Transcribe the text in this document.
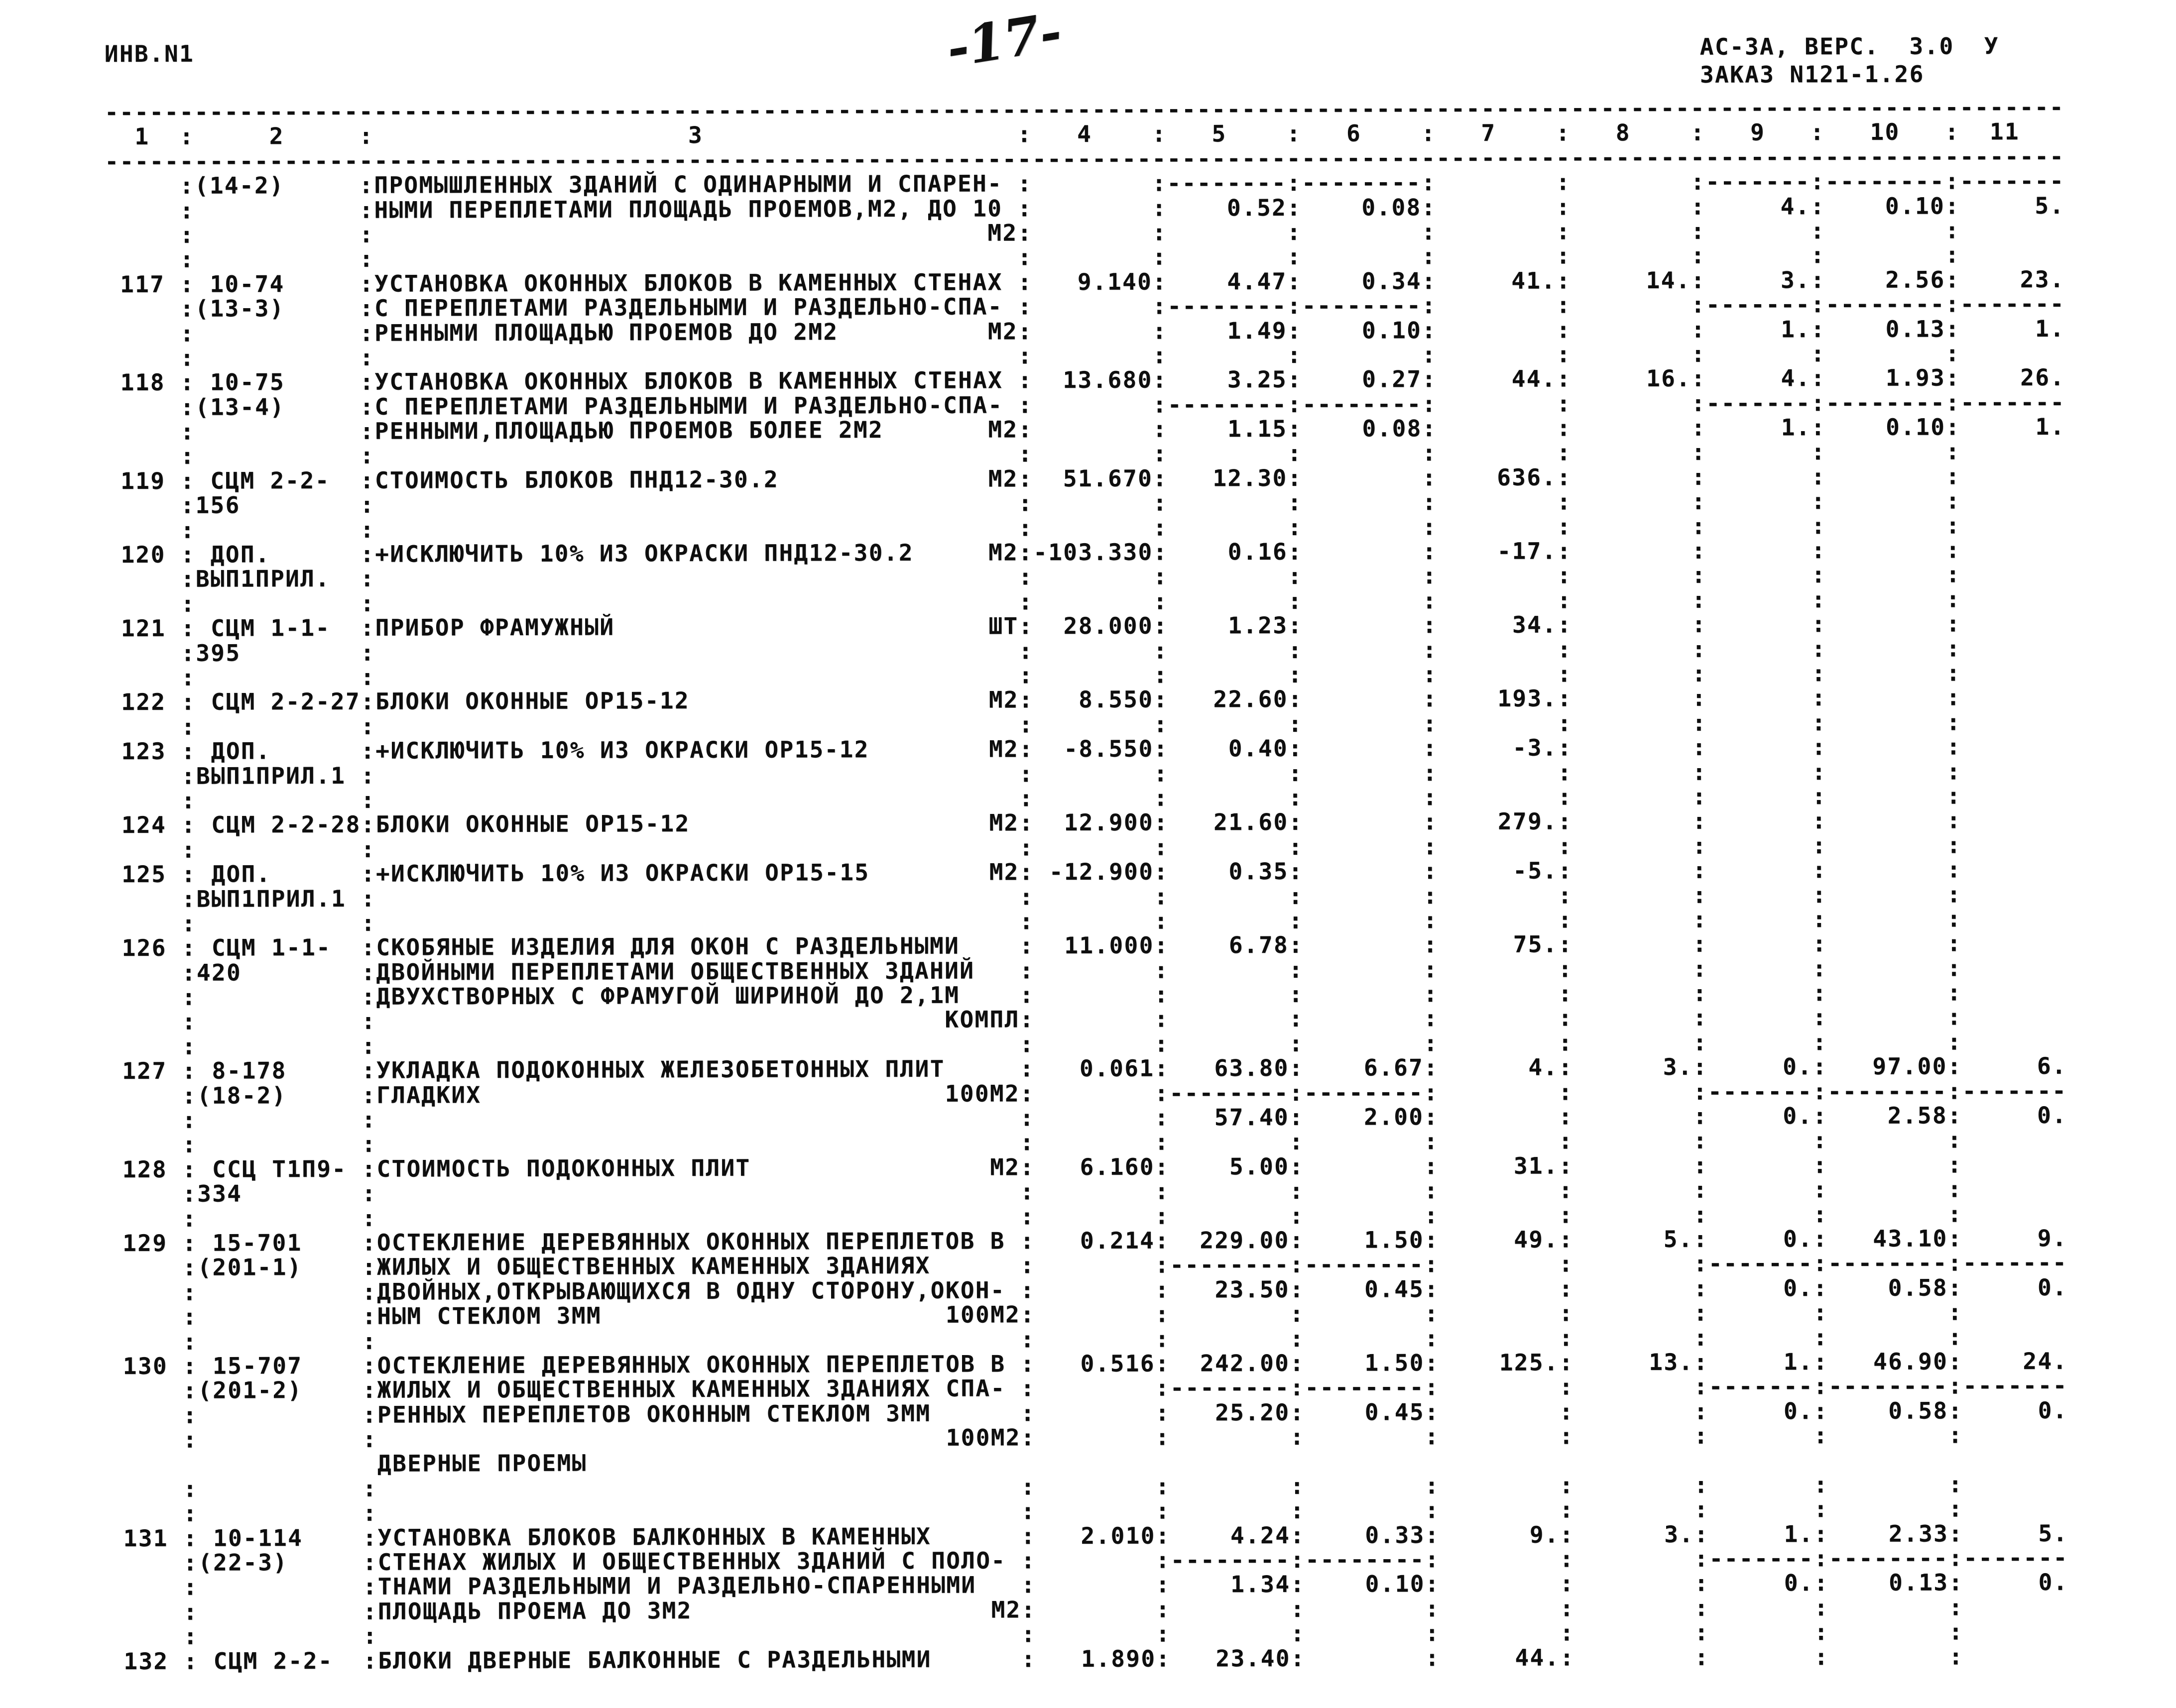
ИНВ.N1	-17-	АС-3А, ВЕРС.  3.0  У
ЗАКАЗ N121-1.26
-----------------------------------------------------------------------------------------------------------------------------------
1  :     2     :                     3                     :   4    :   5    :   6    :   7    :   8    :   9   :   10   :  11
-----------------------------------------------------------------------------------------------------------------------------------
:(14-2)     :ПРОМЫШЛЕННЫХ ЗДАНИЙ С ОДИНАРНЫМИ И СПАРЕН- :        :--------:--------:        :        :-------:--------:-------
:           :НЫМИ ПЕРЕПЛЕТАМИ ПЛОЩАДЬ ПРОЕМОВ,М2, ДО 10 :        :    0.52:    0.08:        :        :     4.:    0.10:     5.
:           :                                         М2:        :        :        :        :        :       :        :
:           :                                           :        :        :        :        :        :       :        :
117 : 10-74     :УСТАНОВКА ОКОННЫХ БЛОКОВ В КАМЕННЫХ СТЕНАХ :   9.140:    4.47:    0.34:     41.:     14.:     3.:    2.56:    23.
:(13-3)     :С ПЕРЕПЛЕТАМИ РАЗДЕЛЬНЫМИ И РАЗДЕЛЬНО-СПА- :        :--------:--------:        :        :-------:--------:-------
:           :РЕННЫМИ ПЛОЩАДЬЮ ПРОЕМОВ ДО 2М2          М2:        :    1.49:    0.10:        :        :     1.:    0.13:     1.
:           :                                           :        :        :        :        :        :       :        :
118 : 10-75     :УСТАНОВКА ОКОННЫХ БЛОКОВ В КАМЕННЫХ СТЕНАХ :  13.680:    3.25:    0.27:     44.:     16.:     4.:    1.93:    26.
:(13-4)     :С ПЕРЕПЛЕТАМИ РАЗДЕЛЬНЫМИ И РАЗДЕЛЬНО-СПА- :        :--------:--------:        :        :-------:--------:-------
:           :РЕННЫМИ,ПЛОЩАДЬЮ ПРОЕМОВ БОЛЕЕ 2М2       М2:        :    1.15:    0.08:        :        :     1.:    0.10:     1.
:           :                                           :        :        :        :        :        :       :        :
119 : СЦМ 2-2-  :СТОИМОСТЬ БЛОКОВ ПНД12-30.2              М2:  51.670:   12.30:        :    636.:        :       :        :
:156        :                                           :        :        :        :        :        :       :        :
:           :                                           :        :        :        :        :        :       :        :
120 : ДОП.      :+ИСКЛЮЧИТЬ 10% ИЗ ОКРАСКИ ПНД12-30.2     М2:-103.330:    0.16:        :    -17.:        :       :        :
:ВЫП1ПРИЛ.  :                                           :        :        :        :        :        :       :        :
:           :                                           :        :        :        :        :        :       :        :
121 : СЦМ 1-1-  :ПРИБОР ФРАМУЖНЫЙ                         ШТ:  28.000:    1.23:        :     34.:        :       :        :
:395        :                                           :        :        :        :        :        :       :        :
:           :                                           :        :        :        :        :        :       :        :
122 : СЦМ 2-2-27:БЛОКИ ОКОННЫЕ ОР15-12                    М2:   8.550:   22.60:        :    193.:        :       :        :
:           :                                           :        :        :        :        :        :       :        :
123 : ДОП.      :+ИСКЛЮЧИТЬ 10% ИЗ ОКРАСКИ ОР15-12        М2:  -8.550:    0.40:        :     -3.:        :       :        :
:ВЫП1ПРИЛ.1 :                                           :        :        :        :        :        :       :        :
:           :                                           :        :        :        :        :        :       :        :
124 : СЦМ 2-2-28:БЛОКИ ОКОННЫЕ ОР15-12                    М2:  12.900:   21.60:        :    279.:        :       :        :
:           :                                           :        :        :        :        :        :       :        :
125 : ДОП.      :+ИСКЛЮЧИТЬ 10% ИЗ ОКРАСКИ ОР15-15        М2: -12.900:    0.35:        :     -5.:        :       :        :
:ВЫП1ПРИЛ.1 :                                           :        :        :        :        :        :       :        :
:           :                                           :        :        :        :        :        :       :        :
126 : СЦМ 1-1-  :СКОБЯНЫЕ ИЗДЕЛИЯ ДЛЯ ОКОН С РАЗДЕЛЬНЫМИ    :  11.000:    6.78:        :     75.:        :       :        :
:420        :ДВОЙНЫМИ ПЕРЕПЛЕТАМИ ОБЩЕСТВЕННЫХ ЗДАНИЙ   :        :        :        :        :        :       :        :
:           :ДВУХСТВОРНЫХ С ФРАМУГОЙ ШИРИНОЙ ДО 2,1М    :        :        :        :        :        :       :        :
:           :                                      КОМПЛ:        :        :        :        :        :       :        :
:           :                                           :        :        :        :        :        :       :        :
127 : 8-178     :УКЛАДКА ПОДОКОННЫХ ЖЕЛЕЗОБЕТОННЫХ ПЛИТ     :   0.061:   63.80:    6.67:      4.:      3.:     0.:   97.00:     6.
:(18-2)     :ГЛАДКИХ                               100М2:        :--------:--------:        :        :-------:--------:-------
:           :                                           :        :   57.40:    2.00:        :        :     0.:    2.58:     0.
:           :                                           :        :        :        :        :        :       :        :
128 : ССЦ Т1П9- :СТОИМОСТЬ ПОДОКОННЫХ ПЛИТ                М2:   6.160:    5.00:        :     31.:        :       :        :
:334        :                                           :        :        :        :        :        :       :        :
:           :                                           :        :        :        :        :        :       :        :
129 : 15-701    :ОСТЕКЛЕНИЕ ДЕРЕВЯННЫХ ОКОННЫХ ПЕРЕПЛЕТОВ В :   0.214:  229.00:    1.50:     49.:      5.:     0.:   43.10:     9.
:(201-1)    :ЖИЛЫХ И ОБЩЕСТВЕННЫХ КАМЕННЫХ ЗДАНИЯХ      :        :--------:--------:        :        :-------:--------:-------
:           :ДВОЙНЫХ,ОТКРЫВАЮЩИХСЯ В ОДНУ СТОРОНУ,ОКОН- :        :   23.50:    0.45:        :        :     0.:    0.58:     0.
:           :НЫМ СТЕКЛОМ 3ММ                       100М2:        :        :        :        :        :       :        :
:           :                                           :        :        :        :        :        :       :        :
130 : 15-707    :ОСТЕКЛЕНИЕ ДЕРЕВЯННЫХ ОКОННЫХ ПЕРЕПЛЕТОВ В :   0.516:  242.00:    1.50:    125.:     13.:     1.:   46.90:    24.
:(201-2)    :ЖИЛЫХ И ОБЩЕСТВЕННЫХ КАМЕННЫХ ЗДАНИЯХ СПА- :        :--------:--------:        :        :-------:--------:-------
:           :РЕННЫХ ПЕРЕПЛЕТОВ ОКОННЫМ СТЕКЛОМ 3ММ      :        :   25.20:    0.45:        :        :     0.:    0.58:     0.
:           :                                      100М2:        :        :        :        :        :       :        :
ДВЕРНЫЕ ПРОЕМЫ
:           :                                           :        :        :        :        :        :       :        :
:           :                                           :        :        :        :        :        :       :        :
131 : 10-114    :УСТАНОВКА БЛОКОВ БАЛКОННЫХ В КАМЕННЫХ      :   2.010:    4.24:    0.33:      9.:      3.:     1.:    2.33:     5.
:(22-3)     :СТЕНАХ ЖИЛЫХ И ОБЩЕСТВЕННЫХ ЗДАНИЙ С ПОЛО- :        :--------:--------:        :        :-------:--------:-------
:           :ТНАМИ РАЗДЕЛЬНЫМИ И РАЗДЕЛЬНО-СПАРЕННЫМИ   :        :    1.34:    0.10:        :        :     0.:    0.13:     0.
:           :ПЛОЩАДЬ ПРОЕМА ДО 3М2                    М2:        :        :        :        :        :       :        :
:           :                                           :        :        :        :        :        :       :        :
132 : СЦМ 2-2-  :БЛОКИ ДВЕРНЫЕ БАЛКОННЫЕ С РАЗДЕЛЬНЫМИ      :   1.890:   23.40:        :     44.:        :       :        :
